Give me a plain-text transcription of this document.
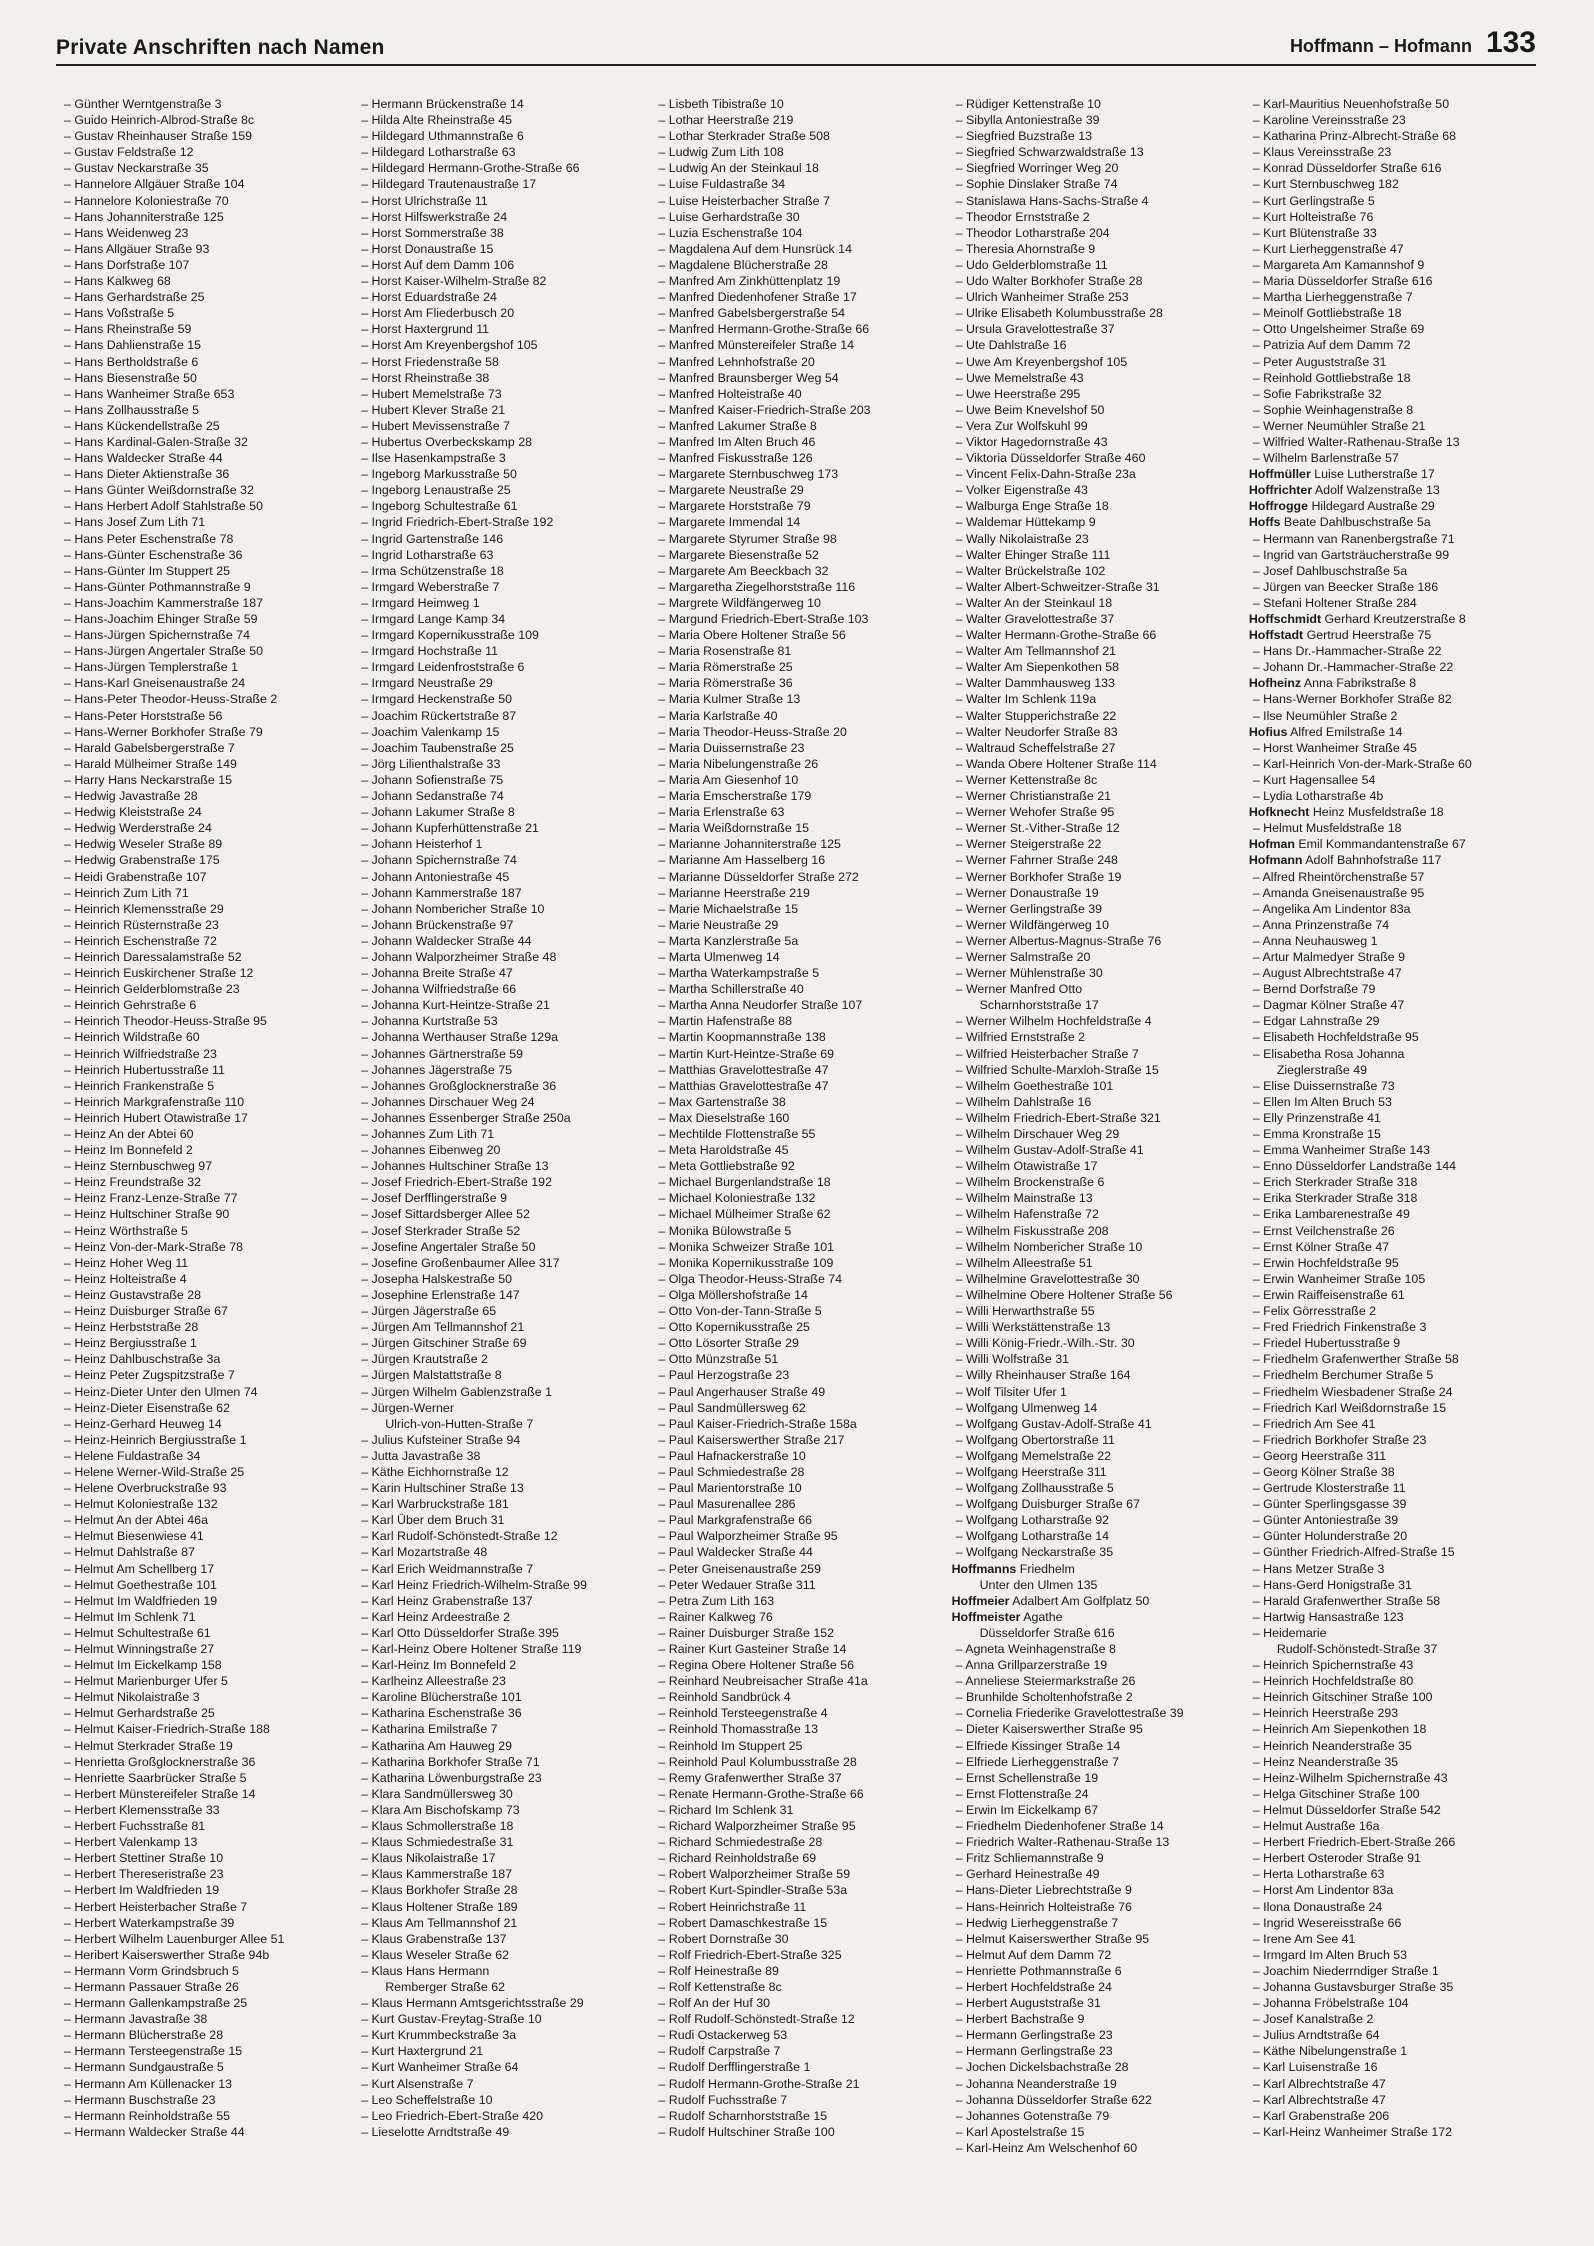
Private Anschriften nach Namen	Hoffmann – Hofmann 133
– Günther Werntgenstraße 3
– Guido Heinrich-Albrod-Straße 8c
– Gustav Rheinhauser Straße 159
– Gustav Feldstraße 12
– Gustav Neckarstraße 35
– Hannelore Allgäuer Straße 104
– Hannelore Koloniestraße 70
– Hans Johanniterstraße 125
– Hans Weidenweg 23
– Hans Allgäuer Straße 93
– Hans Dorfstraße 107
– Hans Kalkweg 68
– Hans Gerhardstraße 25
– Hans Voßstraße 5
– Hans Rheinstraße 59
– Hans Dahlienstraße 15
– Hans Bertholdstraße 6
– Hans Biesenstraße 50
– Hans Wanheimer Straße 653
– Hans Zollhausstraße 5
– Hans Kückendellstraße 25
– Hans Kardinal-Galen-Straße 32
– Hans Waldecker Straße 44
– Hans Dieter Aktienstraße 36
– Hans Günter Weißdornstraße 32
– Hans Herbert Adolf Stahlstraße 50
– Hans Josef Zum Lith 71
– Hans Peter Eschenstraße 78
– Hans-Günter Eschenstraße 36
– Hans-Günter Im Stuppert 25
– Hans-Günter Pothmannstraße 9
– Hans-Joachim Kammerstraße 187
– Hans-Joachim Ehinger Straße 59
– Hans-Jürgen Spichernstraße 74
– Hans-Jürgen Angertaler Straße 50
– Hans-Jürgen Templerstraße 1
– Hans-Karl Gneisenaustraße 24
– Hans-Peter Theodor-Heuss-Straße 2
– Hans-Peter Horststraße 56
– Hans-Werner Borkhofer Straße 79
– Harald Gabelsbergerstraße 7
– Harald Mülheimer Straße 149
– Harry Hans Neckarstraße 15
– Hedwig Javastraße 28
– Hedwig Kleiststraße 24
– Hedwig Werderstraße 24
– Hedwig Weseler Straße 89
– Hedwig Grabenstraße 175
– Heidi Grabenstraße 107
– Heinrich Zum Lith 71
– Heinrich Klemensstraße 29
– Heinrich Rüsternstraße 23
– Heinrich Eschenstraße 72
– Heinrich Daressalamstraße 52
– Heinrich Euskirchener Straße 12
– Heinrich Gelderblomstraße 23
– Heinrich Gehrstraße 6
– Heinrich Theodor-Heuss-Straße 95
– Heinrich Wildstraße 60
– Heinrich Wilfriedstraße 23
– Heinrich Hubertusstraße 11
– Heinrich Frankenstraße 5
– Heinrich Markgrafenstraße 110
– Heinrich Hubert Otawistraße 17
– Heinz An der Abtei 60
– Heinz Im Bonnefeld 2
– Heinz Sternbuschweg 97
– Heinz Freundstraße 32
– Heinz Franz-Lenze-Straße 77
– Heinz Hultschiner Straße 90
– Heinz Wörthstraße 5
– Heinz Von-der-Mark-Straße 78
– Heinz Hoher Weg 11
– Heinz Holteistraße 4
– Heinz Gustavstraße 28
– Heinz Duisburger Straße 67
– Heinz Herbststraße 28
– Heinz Bergiusstraße 1
– Heinz Dahlbuschstraße 3a
– Heinz Peter Zugspitzstraße 7
– Heinz-Dieter Unter den Ulmen 74
– Heinz-Dieter Eisenstraße 62
– Heinz-Gerhard Heuweg 14
– Heinz-Heinrich Bergiusstraße 1
– Helene Fuldastraße 34
– Helene Werner-Wild-Straße 25
– Helene Overbruckstraße 93
– Helmut Koloniestraße 132
– Helmut An der Abtei 46a
– Helmut Biesenwiese 41
– Helmut Dahlstraße 87
– Helmut Am Schellberg 17
– Helmut Goethestraße 101
– Helmut Im Waldfrieden 19
– Helmut Im Schlenk 71
– Helmut Schultestraße 61
– Helmut Winningstraße 27
– Helmut Im Eickelkamp 158
– Helmut Marienburger Ufer 5
– Helmut Nikolaistraße 3
– Helmut Gerhardstraße 25
– Helmut Kaiser-Friedrich-Straße 188
– Helmut Sterkrader Straße 19
– Henrietta Großglocknerstraße 36
– Henriette Saarbrücker Straße 5
– Herbert Münstereifeler Straße 14
– Herbert Klemensstraße 33
– Herbert Fuchsstraße 81
– Herbert Valenkamp 13
– Herbert Stettiner Straße 10
– Herbert Thereseristraße 23
– Herbert Im Waldfrieden 19
– Herbert Heisterbacher Straße 7
– Herbert Waterkampstraße 39
– Herbert Wilhelm Lauenburger Allee 51
– Heribert Kaiserswerther Straße 94b
– Hermann Vorm Grindsbruch 5
– Hermann Passauer Straße 26
– Hermann Gallenkampstraße 25
– Hermann Javastraße 38
– Hermann Blücherstraße 28
– Hermann Tersteegenstraße 15
– Hermann Sundgaustraße 5
– Hermann Am Küllenacker 13
– Hermann Buschstraße 23
– Hermann Reinholdstraße 55
– Hermann Waldecker Straße 44
– Hermann Brückenstraße 14
– Hilda Alte Rheinstraße 45
– Hildegard Uthmannstraße 6
– Hildegard Lotharstraße 63
– Hildegard Hermann-Grothe-Straße 66
– Hildegard Trautenaustraße 17
– Horst Ulrichstraße 11
– Horst Hilfswerkstraße 24
– Horst Sommerstraße 38
– Horst Donaustraße 15
– Horst Auf dem Damm 106
– Horst Kaiser-Wilhelm-Straße 82
– Horst Eduardstraße 24
– Horst Am Fliederbusch 20
– Horst Haxtergrund 11
– Horst Am Kreyenbergshof 105
– Horst Friedenstraße 58
– Horst Rheinstraße 38
– Hubert Memelstraße 73
– Hubert Klever Straße 21
– Hubert Mevissenstraße 7
– Hubertus Overbeckskamp 28
– Ilse Hasenkampstraße 3
– Ingeborg Markusstraße 50
– Ingeborg Lenaustraße 25
– Ingeborg Schultestraße 61
– Ingrid Friedrich-Ebert-Straße 192
– Ingrid Gartenstraße 146
– Ingrid Lotharstraße 63
– Irma Schützenstraße 18
– Irmgard Weberstraße 7
– Irmgard Heimweg 1
– Irmgard Lange Kamp 34
– Irmgard Kopernikusstraße 109
– Irmgard Hochstraße 11
– Irmgard Leidenfroststraße 6
– Irmgard Neustraße 29
– Irmgard Heckenstraße 50
– Joachim Rückertstraße 87
– Joachim Valenkamp 15
– Joachim Taubenstraße 25
– Jörg Lilienthalstraße 33
– Johann Sofienstraße 75
– Johann Sedanstraße 74
– Johann Lakumer Straße 8
– Johann Kupferhüttenstraße 21
– Johann Heisterhof 1
– Johann Spichernstraße 74
– Johann Antoniestraße 45
– Johann Kammerstraße 187
– Johann Nombericher Straße 10
– Johann Brückenstraße 97
– Johann Waldecker Straße 44
– Johann Walporzheimer Straße 48
– Johanna Breite Straße 47
– Johanna Wilfriedstraße 66
– Johanna Kurt-Heintze-Straße 21
– Johanna Kurtstraße 53
– Johanna Werthauser Straße 129a
– Johannes Gärtnerstraße 59
– Johannes Jägerstraße 75
– Johannes Großglocknerstraße 36
– Johannes Dirschauer Weg 24
– Johannes Essenberger Straße 250a
– Johannes Zum Lith 71
– Johannes Eibenweg 20
– Johannes Hultschiner Straße 13
– Josef Friedrich-Ebert-Straße 192
– Josef Derfflingerstraße 9
– Josef Sittardsberger Allee 52
– Josef Sterkrader Straße 52
– Josefine Angertaler Straße 50
– Josefine Großenbaumer Allee 317
– Josepha Halskestraße 50
– Josephine Erlenstraße 147
– Jürgen Jägerstraße 65
– Jürgen Am Tellmannshof 21
– Jürgen Gitschiner Straße 69
– Jürgen Krautstraße 2
– Jürgen Malstattstraße 8
– Jürgen Wilhelm Gablenzstraße 1
– Jürgen-Werner
Ulrich-von-Hutten-Straße 7
– Julius Kufsteiner Straße 94
– Jutta Javastraße 38
– Käthe Eichhornstraße 12
– Karin Hultschiner Straße 13
– Karl Warbruckstraße 181
– Karl Über dem Bruch 31
– Karl Rudolf-Schönstedt-Straße 12
– Karl Mozartstraße 48
– Karl Erich Weidmannstraße 7
– Karl Heinz Friedrich-Wilhelm-Straße 99
– Karl Heinz Grabenstraße 137
– Karl Heinz Ardeestraße 2
– Karl Otto Düsseldorfer Straße 395
– Karl-Heinz Obere Holtener Straße 119
– Karl-Heinz Im Bonnefeld 2
– Karlheinz Alleestraße 23
– Karoline Blücherstraße 101
– Katharina Eschenstraße 36
– Katharina Emilstraße 7
– Katharina Am Hauweg 29
– Katharina Borkhofer Straße 71
– Katharina Löwenburgstraße 23
– Klara Sandmüllersweg 30
– Klara Am Bischofskamp 73
– Klaus Schmollerstraße 18
– Klaus Schmiedestraße 31
– Klaus Nikolaistraße 17
– Klaus Kammerstraße 187
– Klaus Borkhofer Straße 28
– Klaus Holtener Straße 189
– Klaus Am Tellmannshof 21
– Klaus Grabenstraße 137
– Klaus Weseler Straße 62
– Klaus Hans Hermann
Remberger Straße 62
– Klaus Hermann Amtsgerichtsstraße 29
– Kurt Gustav-Freytag-Straße 10
– Kurt Krummbeckstraße 3a
– Kurt Haxtergrund 21
– Kurt Wanheimer Straße 64
– Kurt Alsenstraße 7
– Leo Scheffelstraße 10
– Leo Friedrich-Ebert-Straße 420
– Lieselotte Arndtstraße 49
– Lisbeth Tibistraße 10
– Lothar Heerstraße 219
– Lothar Sterkrader Straße 508
– Ludwig Zum Lith 108
– Ludwig An der Steinkaul 18
– Luise Fuldastraße 34
– Luise Heisterbacher Straße 7
– Luise Gerhardstraße 30
– Luzia Eschenstraße 104
– Magdalena Auf dem Hunsrück 14
– Magdalene Blücherstraße 28
– Manfred Am Zinkhüttenplatz 19
– Manfred Diedenhofener Straße 17
– Manfred Gabelsbergerstraße 54
– Manfred Hermann-Grothe-Straße 66
– Manfred Münstereifeler Straße 14
– Manfred Lehnhofstraße 20
– Manfred Braunsberger Weg 54
– Manfred Holteistraße 40
– Manfred Kaiser-Friedrich-Straße 203
– Manfred Lakumer Straße 8
– Manfred Im Alten Bruch 46
– Manfred Fiskusstraße 126
– Margarete Sternbuschweg 173
– Margarete Neustraße 29
– Margarete Horststraße 79
– Margarete Immendal 14
– Margarete Styrumer Straße 98
– Margarete Biesenstraße 52
– Margarete Am Beeckbach 32
– Margaretha Ziegelhorststraße 116
– Margrete Wildfängerweg 10
– Margund Friedrich-Ebert-Straße 103
– Maria Obere Holtener Straße 56
– Maria Rosenstraße 81
– Maria Römerstraße 25
– Maria Römerstraße 36
– Maria Kulmer Straße 13
– Maria Karlstraße 40
– Maria Theodor-Heuss-Straße 20
– Maria Duissernstraße 23
– Maria Nibelungenstraße 26
– Maria Am Giesenhof 10
– Maria Emscherstraße 179
– Maria Erlenstraße 63
– Maria Weißdornstraße 15
– Marianne Johanniterstraße 125
– Marianne Am Hasselberg 16
– Marianne Düsseldorfer Straße 272
– Marianne Heerstraße 219
– Marie Michaelstraße 15
– Marie Neustraße 29
– Marta Kanzlerstraße 5a
– Marta Ulmenweg 14
– Martha Waterkampstraße 5
– Martha Schillerstraße 40
– Martha Anna Neudorfer Straße 107
– Martin Hafenstraße 88
– Martin Koopmannstraße 138
– Martin Kurt-Heintze-Straße 69
– Matthias Gravelottestraße 47
– Matthias Gravelottestraße 47
– Max Gartenstraße 38
– Max Dieselstraße 160
– Mechtilde Flottenstraße 55
– Meta Haroldstraße 45
– Meta Gottliebstraße 92
– Michael Burgenlandstraße 18
– Michael Koloniestraße 132
– Michael Mülheimer Straße 62
– Monika Bülowstraße 5
– Monika Schweizer Straße 101
– Monika Kopernikusstraße 109
– Olga Theodor-Heuss-Straße 74
– Olga Möllershofstraße 14
– Otto Von-der-Tann-Straße 5
– Otto Kopernikusstraße 25
– Otto Lösorter Straße 29
– Otto Münzstraße 51
– Paul Herzogstraße 23
– Paul Angerhauser Straße 49
– Paul Sandmüllersweg 62
– Paul Kaiser-Friedrich-Straße 158a
– Paul Kaiserswerther Straße 217
– Paul Hafnackerstraße 10
– Paul Schmiedestraße 28
– Paul Marientorstraße 10
– Paul Masurenallee 286
– Paul Markgrafenstraße 66
– Paul Walporzheimer Straße 95
– Paul Waldecker Straße 44
– Peter Gneisenaustraße 259
– Peter Wedauer Straße 311
– Petra Zum Lith 163
– Rainer Kalkweg 76
– Rainer Duisburger Straße 152
– Rainer Kurt Gasteiner Straße 14
– Regina Obere Holtener Straße 56
– Reinhard Neubreisacher Straße 41a
– Reinhold Sandbrück 4
– Reinhold Tersteegenstraße 4
– Reinhold Thomasstraße 13
– Reinhold Im Stuppert 25
– Reinhold Paul Kolumbusstraße 28
– Remy Grafenwerther Straße 37
– Renate Hermann-Grothe-Straße 66
– Richard Im Schlenk 31
– Richard Walporzheimer Straße 95
– Richard Schmiedestraße 28
– Richard Reinholdstraße 69
– Robert Walporzheimer Straße 59
– Robert Kurt-Spindler-Straße 53a
– Robert Heinrichstraße 11
– Robert Damaschkestraße 15
– Robert Dornstraße 30
– Rolf Friedrich-Ebert-Straße 325
– Rolf Heinestraße 89
– Rolf Kettenstraße 8c
– Rolf An der Huf 30
– Rolf Rudolf-Schönstedt-Straße 12
– Rudi Ostackerweg 53
– Rudolf Carpstraße 7
– Rudolf Derfflingerstraße 1
– Rudolf Hermann-Grothe-Straße 21
– Rudolf Fuchsstraße 7
– Rudolf Scharnhorststraße 15
– Rudolf Hultschiner Straße 100
– Rüdiger Kettenstraße 10
– Sibylla Antoniestraße 39
– Siegfried Buzstraße 13
– Siegfried Schwarzwaldstraße 13
– Siegfried Worringer Weg 20
– Sophie Dinslaker Straße 74
– Stanislawa Hans-Sachs-Straße 4
– Theodor Ernststraße 2
– Theodor Lotharstraße 204
– Theresia Ahornstraße 9
– Udo Gelderblomstraße 11
– Udo Walter Borkhofer Straße 28
– Ulrich Wanheimer Straße 253
– Ulrike Elisabeth Kolumbusstraße 28
– Ursula Gravelottestraße 37
– Ute Dahlstraße 16
– Uwe Am Kreyenbergshof 105
– Uwe Memelstraße 43
– Uwe Heerstraße 295
– Uwe Beim Knevelshof 50
– Vera Zur Wolfskuhl 99
– Viktor Hagedornstraße 43
– Viktoria Düsseldorfer Straße 460
– Vincent Felix-Dahn-Straße 23a
– Volker Eigenstraße 43
– Walburga Enge Straße 18
– Waldemar Hüttekamp 9
– Wally Nikolaistraße 23
– Walter Ehinger Straße 111
– Walter Brückelstraße 102
– Walter Albert-Schweitzer-Straße 31
– Walter An der Steinkaul 18
– Walter Gravelottestraße 37
– Walter Hermann-Grothe-Straße 66
– Walter Am Tellmannshof 21
– Walter Am Siepenkothen 58
– Walter Dammhausweg 133
– Walter Im Schlenk 119a
– Walter Stupperichstraße 22
– Walter Neudorfer Straße 83
– Waltraud Scheffelstraße 27
– Wanda Obere Holtener Straße 114
– Werner Kettenstraße 8c
– Werner Christianstraße 21
– Werner Wehofer Straße 95
– Werner St.-Vither-Straße 12
– Werner Steigerstraße 22
– Werner Fahrner Straße 248
– Werner Borkhofer Straße 19
– Werner Donaustraße 19
– Werner Gerlingstraße 39
– Werner Wildfängerweg 10
– Werner Albertus-Magnus-Straße 76
– Werner Salmstraße 20
– Werner Mühlenstraße 30
– Werner Manfred Otto
Scharnhorststraße 17
– Werner Wilhelm Hochfeldstraße 4
– Wilfried Ernststraße 2
– Wilfried Heisterbacher Straße 7
– Wilfried Schulte-Marxloh-Straße 15
– Wilhelm Goethestraße 101
– Wilhelm Dahlstraße 16
– Wilhelm Friedrich-Ebert-Straße 321
– Wilhelm Dirschauer Weg 29
– Wilhelm Gustav-Adolf-Straße 41
– Wilhelm Otawistraße 17
– Wilhelm Brockenstraße 6
– Wilhelm Mainstraße 13
– Wilhelm Hafenstraße 72
– Wilhelm Fiskusstraße 208
– Wilhelm Nombericher Straße 10
– Wilhelm Alleestraße 51
– Wilhelmine Gravelottestraße 30
– Wilhelmine Obere Holtener Straße 56
– Willi Herwarthstraße 55
– Willi Werkstättenstraße 13
– Willi König-Friedr.-Wilh.-Str. 30
– Willi Wolfstraße 31
– Willy Rheinhauser Straße 164
– Wolf Tilsiter Ufer 1
– Wolfgang Ulmenweg 14
– Wolfgang Gustav-Adolf-Straße 41
– Wolfgang Obertorstraße 11
– Wolfgang Memelstraße 22
– Wolfgang Heerstraße 311
– Wolfgang Zollhausstraße 5
– Wolfgang Duisburger Straße 67
– Wolfgang Lotharstraße 92
– Wolfgang Lotharstraße 14
– Wolfgang Neckarstraße 35
Hoffmanns Friedhelm
Unter den Ulmen 135
Hoffmeier Adalbert Am Golfplatz 50
Hoffmeister Agathe
Düsseldorfer Straße 616
– Agneta Weinhagenstraße 8
– Anna Grillparzerstraße 19
– Anneliese Steiermarkstraße 26
– Brunhilde Scholtenhofstraße 2
– Cornelia Friederike Gravelottestraße 39
– Dieter Kaiserswerther Straße 95
– Elfriede Kissinger Straße 14
– Elfriede Lierheggenstraße 7
– Ernst Schellenstraße 19
– Ernst Flottenstraße 24
– Erwin Im Eickelkamp 67
– Friedhelm Diedenhofener Straße 14
– Friedrich Walter-Rathenau-Straße 13
– Fritz Schliemannstraße 9
– Gerhard Heinestraße 49
– Hans-Dieter Liebrechtstraße 9
– Hans-Heinrich Holteistraße 76
– Hedwig Lierheggenstraße 7
– Helmut Kaiserswerther Straße 95
– Helmut Auf dem Damm 72
– Henriette Pothmannstraße 6
– Herbert Hochfeldstraße 24
– Herbert Auguststraße 31
– Herbert Bachstraße 9
– Hermann Gerlingstraße 23
– Hermann Gerlingstraße 23
– Jochen Dickelsbachstraße 28
– Johanna Neanderstraße 19
– Johanna Düsseldorfer Straße 622
– Johannes Gotenstraße 79
– Karl Apostelstraße 15
– Karl-Heinz Am Welschenhof 60
– Karl-Mauritius Neuenhofstraße 50
– Karoline Vereinsstraße 23
– Katharina Prinz-Albrecht-Straße 68
– Klaus Vereinsstraße 23
– Konrad Düsseldorfer Straße 616
– Kurt Sternbuschweg 182
– Kurt Gerlingstraße 5
– Kurt Holteistraße 76
– Kurt Blütenstraße 33
– Kurt Lierheggenstraße 47
– Margareta Am Kamannshof 9
– Maria Düsseldorfer Straße 616
– Martha Lierheggenstraße 7
– Meinolf Gottliebstraße 18
– Otto Ungelsheimer Straße 69
– Patrizia Auf dem Damm 72
– Peter Auguststraße 31
– Reinhold Gottliebstraße 18
– Sofie Fabrikstraße 32
– Sophie Weinhagenstraße 8
– Werner Neumühler Straße 21
– Wilfried Walter-Rathenau-Straße 13
– Wilhelm Barlenstraße 57
Hoffmüller Luise Lutherstraße 17
Hoffrichter Adolf Walzenstraße 13
Hoffrogge Hildegard Austraße 29
Hoffs Beate Dahlbuschstraße 5a
– Hermann van Ranenbergstraße 71
– Ingrid van Gartsträucherstraße 99
– Josef Dahlbuschstraße 5a
– Jürgen van Beecker Straße 186
– Stefani Holtener Straße 284
Hoffschmidt Gerhard Kreutzerstraße 8
Hoffstadt Gertrud Heerstraße 75
– Hans Dr.-Hammacher-Straße 22
– Johann Dr.-Hammacher-Straße 22
Hofheinz Anna Fabrikstraße 8
– Hans-Werner Borkhofer Straße 82
– Ilse Neumühler Straße 2
Hofius Alfred Emilstraße 14
– Horst Wanheimer Straße 45
– Karl-Heinrich Von-der-Mark-Straße 60
– Kurt Hagensallee 54
– Lydia Lotharstraße 4b
Hofknecht Heinz Musfeldstraße 18
– Helmut Musfeldstraße 18
Hofman Emil Kommandantenstraße 67
Hofmann Adolf Bahnhofstraße 117
– Alfred Rheintörchenstraße 57
– Amanda Gneisenaustraße 95
– Angelika Am Lindentor 83a
– Anna Prinzenstraße 74
– Anna Neuhausweg 1
– Artur Malmedyer Straße 9
– August Albrechtstraße 47
– Bernd Dorfstraße 79
– Dagmar Kölner Straße 47
– Edgar Lahnstraße 29
– Elisabeth Hochfeldstraße 95
– Elisabetha Rosa Johanna
Zieglerstraße 49
– Elise Duissernstraße 73
– Ellen Im Alten Bruch 53
– Elly Prinzenstraße 41
– Emma Kronstraße 15
– Emma Wanheimer Straße 143
– Enno Düsseldorfer Landstraße 144
– Erich Sterkrader Straße 318
– Erika Sterkrader Straße 318
– Erika Lambarenestraße 49
– Ernst Veilchenstraße 26
– Ernst Kölner Straße 47
– Erwin Hochfeldstraße 95
– Erwin Wanheimer Straße 105
– Erwin Raiffeisenstraße 61
– Felix Görresstraße 2
– Fred Friedrich Finkenstraße 3
– Friedel Hubertusstraße 9
– Friedhelm Grafenwerther Straße 58
– Friedhelm Berchumer Straße 5
– Friedhelm Wiesbadener Straße 24
– Friedrich Karl Weißdornstraße 15
– Friedrich Am See 41
– Friedrich Borkhofer Straße 23
– Georg Heerstraße 311
– Georg Kölner Straße 38
– Gertrude Klosterstraße 11
– Günter Sperlingsgasse 39
– Günter Antoniestraße 39
– Günter Holunderstraße 20
– Günther Friedrich-Alfred-Straße 15
– Hans Metzer Straße 3
– Hans-Gerd Honigstraße 31
– Harald Grafenwerther Straße 58
– Hartwig Hansastraße 123
– Heidemarie
Rudolf-Schönstedt-Straße 37
– Heinrich Spichernstraße 43
– Heinrich Hochfeldstraße 80
– Heinrich Gitschiner Straße 100
– Heinrich Heerstraße 293
– Heinrich Am Siepenkothen 18
– Heinrich Neanderstraße 35
– Heinz Neanderstraße 35
– Heinz-Wilhelm Spichernstraße 43
– Helga Gitschiner Straße 100
– Helmut Düsseldorfer Straße 542
– Helmut Austraße 16a
– Herbert Friedrich-Ebert-Straße 266
– Herbert Osteroder Straße 91
– Herta Lotharstraße 63
– Horst Am Lindentor 83a
– Ilona Donaustraße 24
– Ingrid Wesereisstraße 66
– Irene Am See 41
– Irmgard Im Alten Bruch 53
– Joachim Niederrndiger Straße 1
– Johanna Gustavsburger Straße 35
– Johanna Fröbelstraße 104
– Josef Kanalstraße 2
– Julius Arndtstraße 64
– Käthe Nibelungenstraße 1
– Karl Luisenstraße 16
– Karl Albrechtstraße 47
– Karl Albrechtstraße 47
– Karl Grabenstraße 206
– Karl-Heinz Wanheimer Straße 172
